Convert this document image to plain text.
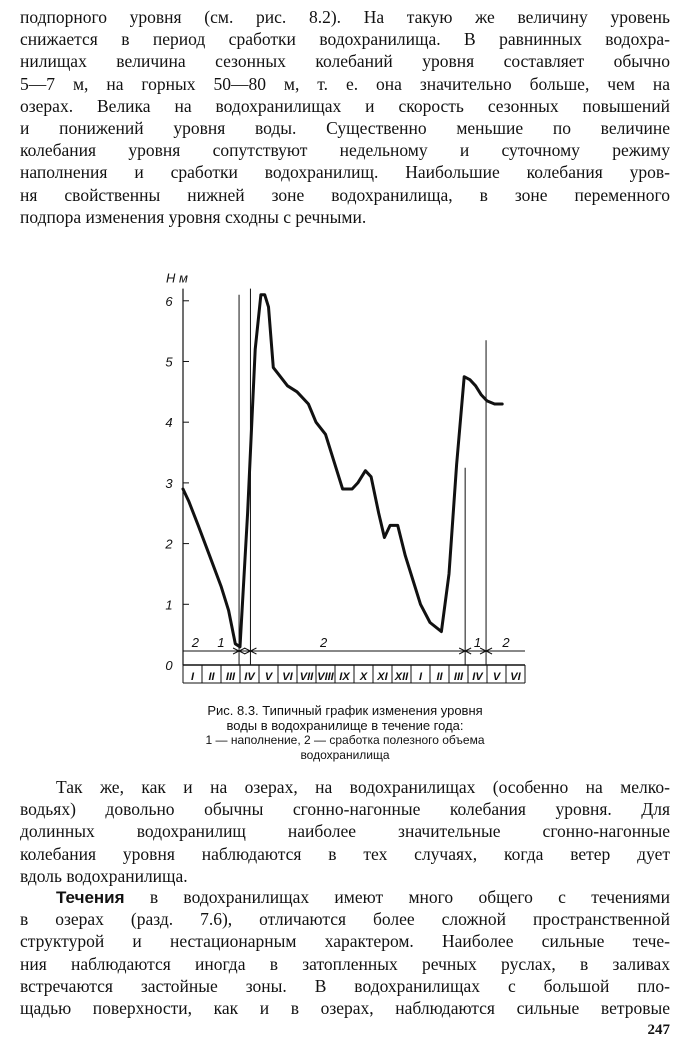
подпорного уровня (см. рис. 8.2). На такую же величину уровень
снижается в период сработки водохранилища. В равнинных водохра-
нилищах величина сезонных колебаний уровня составляет обычно
5—7 м, на горных 50—80 м, т. е. она значительно больше, чем на
озерах. Велика на водохранилищах и скорость сезонных повышений
и понижений уровня воды. Существенно меньшие по величине
колебания уровня сопутствуют недельному и суточному режиму
наполнения и сработки водохранилищ. Наибольшие колебания уров-
ня свойственны нижней зоне водохранилища, в зоне переменного
подпора изменения уровня сходны с речными.
0
1
2
3
4
5
6
I II III IV V VI VII VIII IX X XI XII I II III IV V VI
2 1	2	1 2
Н м
Рис. 8.3. Типичный график изменения уровня
воды в водохранилище в течение года:
1 — наполнение, 2 — сработка полезного объема
водохранилища
Так же, как и на озерах, на водохранилищах (особенно на мелко-
водьях) довольно обычны сгонно-нагонные колебания уровня. Для
долинных водохранилищ наиболее значительные сгонно-нагонные
колебания уровня наблюдаются в тех случаях, когда ветер дует
вдоль водохранилища.
Течения в водохранилищах имеют много общего с течениями
в озерах (разд. 7.6), отличаются более сложной пространственной
структурой и нестационарным характером. Наиболее сильные тече-
ния наблюдаются иногда в затопленных речных руслах, в заливах
встречаются застойные зоны. В водохранилищах с большой пло-
щадью поверхности, как и в озерах, наблюдаются сильные ветровые
247
